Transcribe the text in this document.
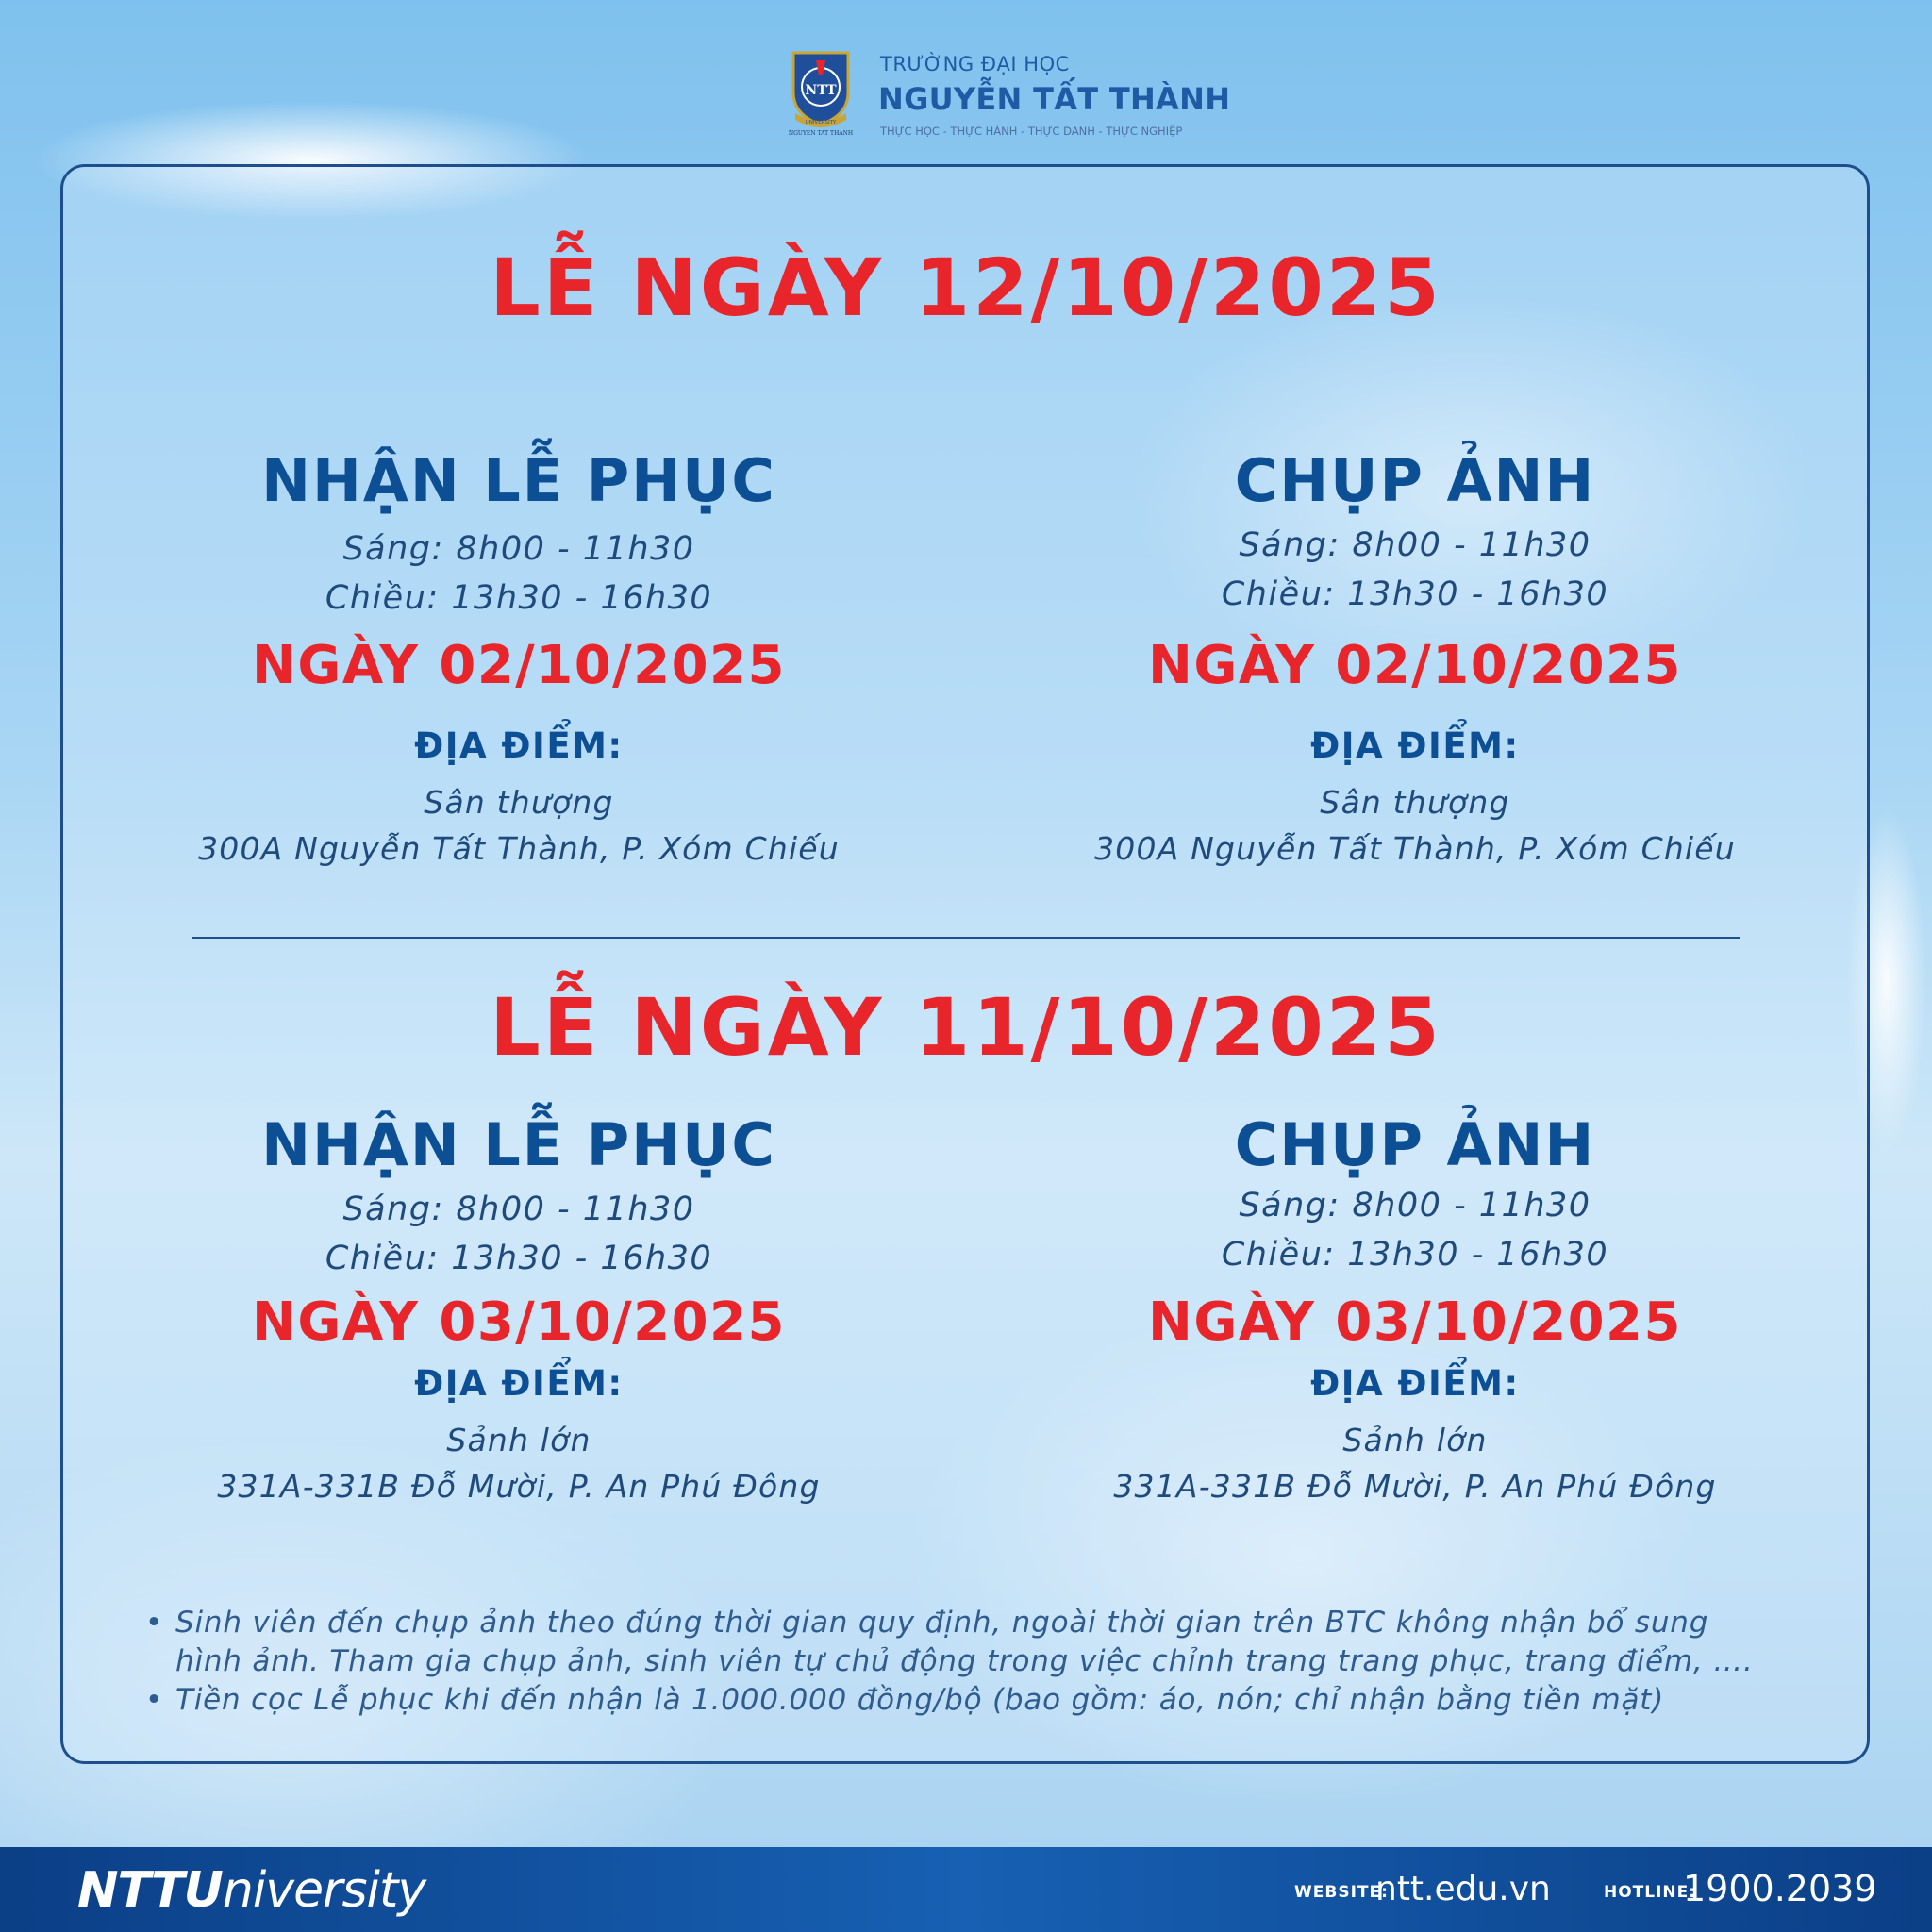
NTT
UNIVERSITY
NGUYEN TAT THANH
TRƯỜNG ĐẠI HỌC
NGUYỄN TẤT THÀNH
THỰC HỌC - THỰC HÀNH - THỰC DANH - THỰC NGHIỆP
LỄ NGÀY 12/10/2025
NHẬN LỄ PHỤC
Sáng: 8h00 - 11h30
Chiều: 13h30 - 16h30
NGÀY 02/10/2025
ĐỊA ĐIỂM:
Sân thượng
300A Nguyễn Tất Thành, P. Xóm Chiếu
CHỤP ẢNH
Sáng: 8h00 - 11h30
Chiều: 13h30 - 16h30
NGÀY 02/10/2025
ĐỊA ĐIỂM:
Sân thượng
300A Nguyễn Tất Thành, P. Xóm Chiếu
LỄ NGÀY 11/10/2025
NHẬN LỄ PHỤC
Sáng: 8h00 - 11h30
Chiều: 13h30 - 16h30
NGÀY 03/10/2025
ĐỊA ĐIỂM:
Sảnh lớn
331A-331B Đỗ Mười, P. An Phú Đông
CHỤP ẢNH
Sáng: 8h00 - 11h30
Chiều: 13h30 - 16h30
NGÀY 03/10/2025
ĐỊA ĐIỂM:
Sảnh lớn
331A-331B Đỗ Mười, P. An Phú Đông
• Sinh viên đến chụp ảnh theo đúng thời gian quy định, ngoài thời gian trên BTC không nhận bổ sung hình ảnh. Tham gia chụp ảnh, sinh viên tự chủ động trong việc chỉnh trang trang phục, trang điểm, ….
• Tiền cọc Lễ phục khi đến nhận là 1.000.000 đồng/bộ (bao gồm: áo, nón; chỉ nhận bằng tiền mặt)
NTTUniversity	WEBSITE:
ntt.edu.vn	HOTLINE:
1900.2039
